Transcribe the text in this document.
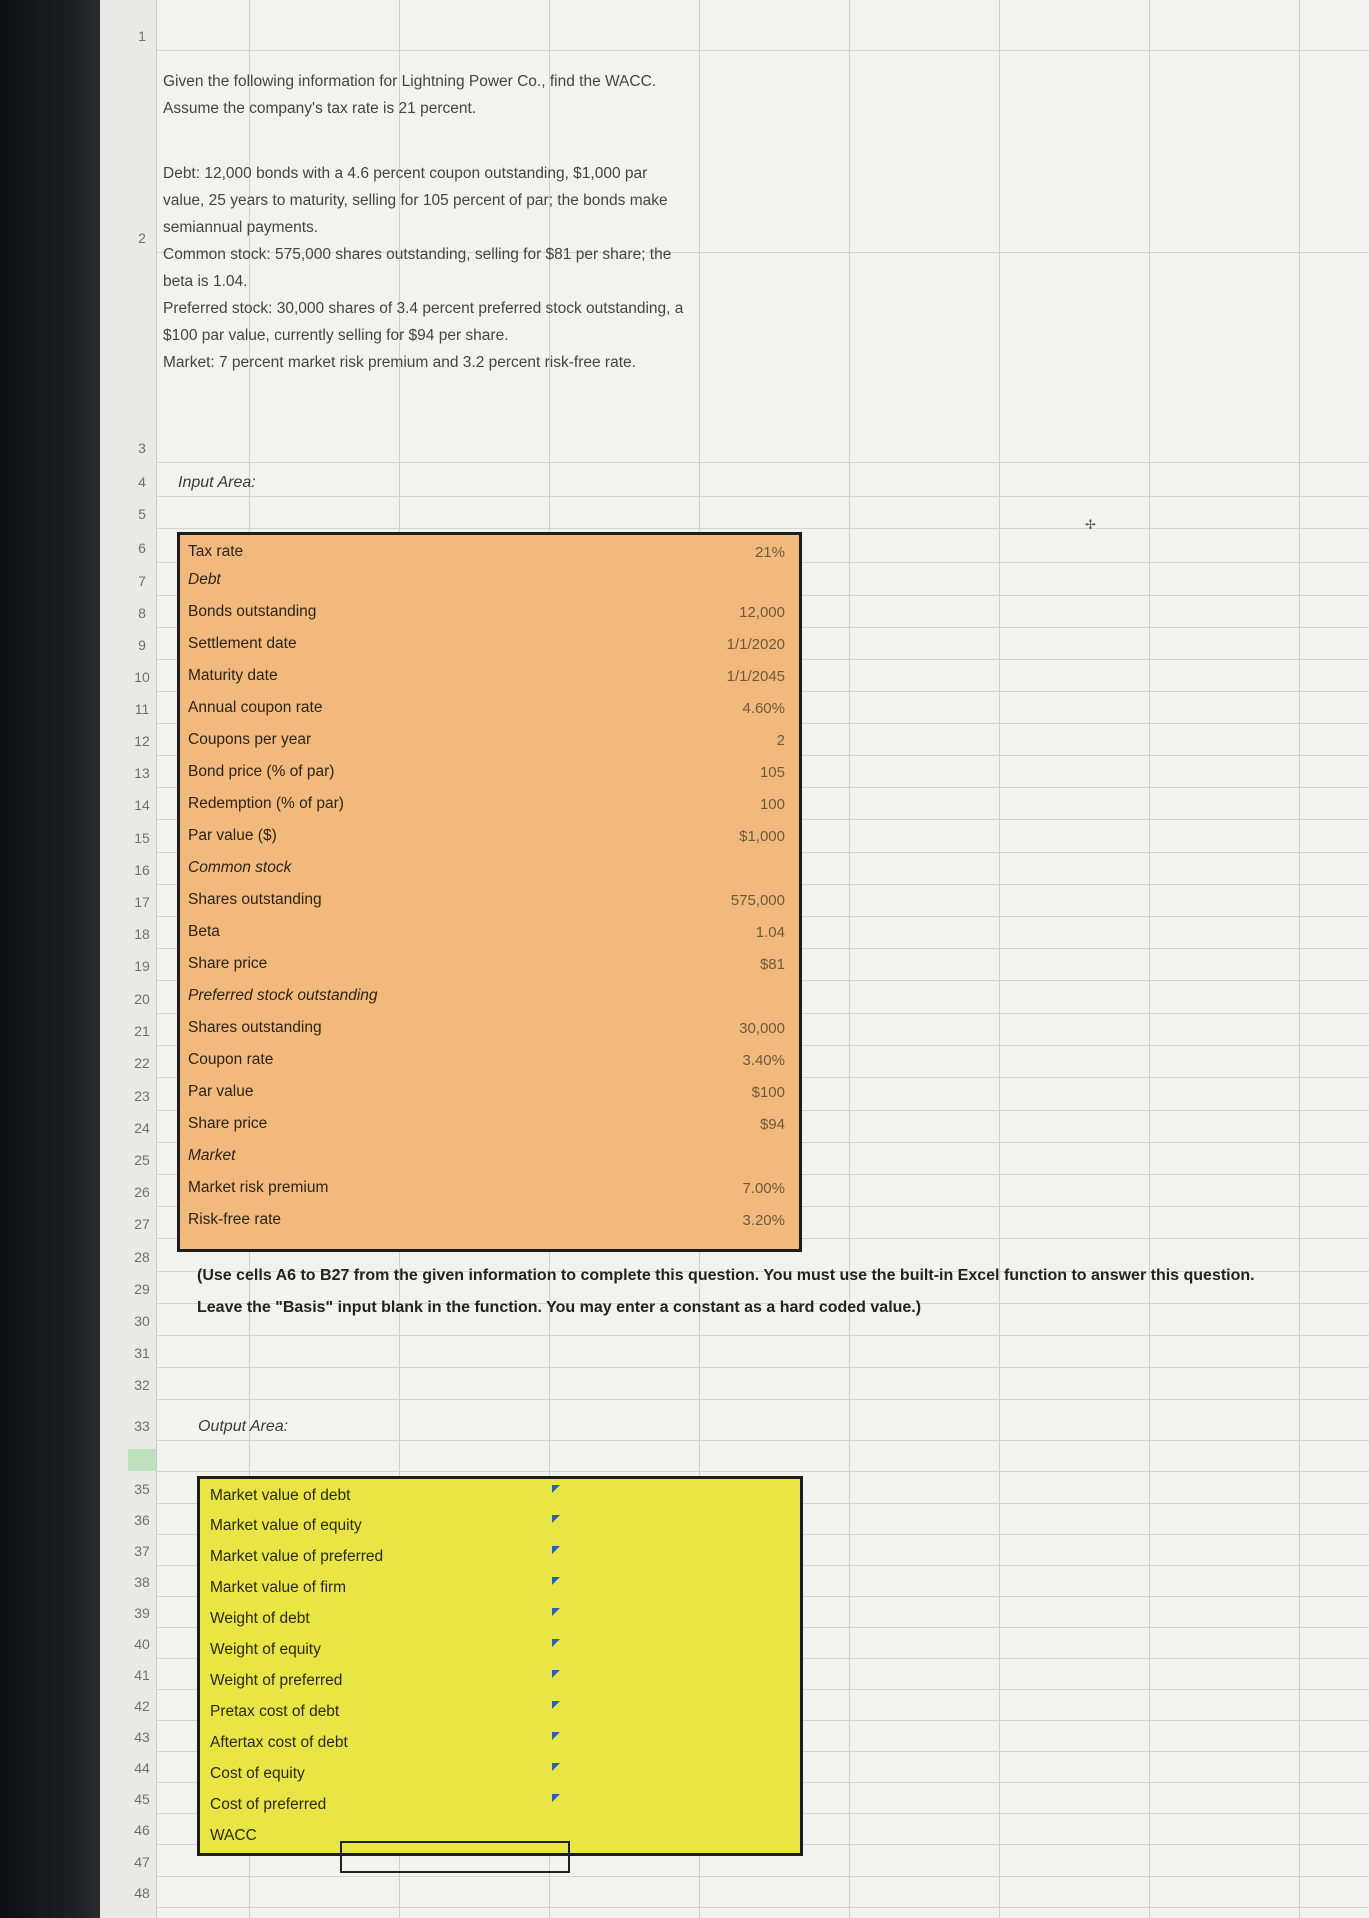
1
2
3
4
5
6
7
8
9
10
11
12
13
14
15
16
17
18
19
20
21
22
23
24
25
26
27
28
29
30
31
32
33
35
36
37
38
39
40
41
42
43
44
45
46
47
48

Given the following information for Lightning Power Co., find the WACC.

Assume the company's tax rate is 21 percent.

Debt: 12,000 bonds with a 4.6 percent coupon outstanding, $1,000 par

value, 25 years to maturity, selling for 105 percent of par; the bonds make

semiannual payments.

Common stock: 575,000 shares outstanding, selling for $81 per share; the

beta is 1.04.

Preferred stock: 30,000 shares of 3.4 percent preferred stock outstanding, a

$100 par value, currently selling for $94 per share.

Market: 7 percent market risk premium and 3.2 percent risk-free rate.

Input Area:
Tax rate	21%
Debt
Bonds outstanding	12,000
Settlement date	1/1/2020
Maturity date	1/1/2045
Annual coupon rate	4.60%
Coupons per year	2
Bond price (% of par)	105
Redemption (% of par)	100
Par value ($)	$1,000
Common stock
Shares outstanding	575,000
Beta	1.04
Share price	$81
Preferred stock outstanding
Shares outstanding	30,000
Coupon rate	3.40%
Par value	$100
Share price	$94
Market
Market risk premium	7.00%
Risk-free rate	3.20%
(Use cells A6 to B27 from the given information to complete this question. You must use the built-in Excel function to answer this question. Leave the "Basis" input blank in the function. You may enter a constant as a hard coded value.)
Output Area:
Market value of debt
Market value of equity
Market value of preferred
Market value of firm
Weight of debt
Weight of equity
Weight of preferred
Pretax cost of debt
Aftertax cost of debt
Cost of equity
Cost of preferred
WACC
✢
